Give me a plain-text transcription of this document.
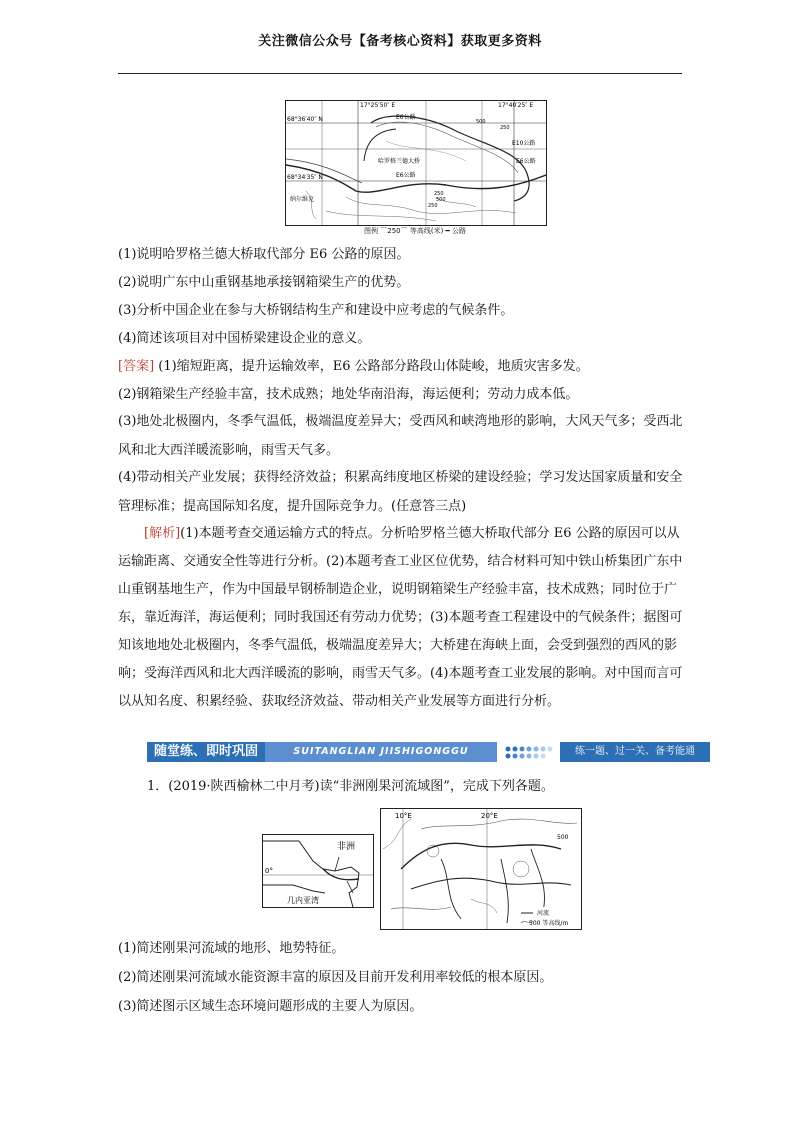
关注微信公众号【备考核心资料】获取更多资料
17°25′50″ E	17°40′25″ E
68°36′40″ N
68°34′35″ N
E6公路
E10公路
E6公路
哈罗格兰德大桥
E6公路
纳尔维克
500
250
250
500
250
图例 ⌒250⌒ 等高线(米) ━ 公路
(1)说明哈罗格兰德大桥取代部分 E6 公路的原因。
(2)说明广东中山重钢基地承接钢箱梁生产的优势。
(3)分析中国企业在参与大桥钢结构生产和建设中应考虑的气候条件。
(4)简述该项目对中国桥梁建设企业的意义。
[答案] (1)缩短距离，提升运输效率，E6 公路部分路段山体陡峻，地质灾害多发。
(2)钢箱梁生产经验丰富，技术成熟；地处华南沿海，海运便利；劳动力成本低。
(3)地处北极圈内，冬季气温低，极端温度差异大；受西风和峡湾地形的影响，大风天气多；受西北风和北大西洋暖流影响，雨雪天气多。
(4)带动相关产业发展；获得经济效益；积累高纬度地区桥梁的建设经验；学习发达国家质量和安全管理标准；提高国际知名度，提升国际竞争力。(任意答三点)
[解析](1)本题考查交通运输方式的特点。分析哈罗格兰德大桥取代部分 E6 公路的原因可以从运输距离、交通安全性等进行分析。(2)本题考查工业区位优势，结合材料可知中铁山桥集团广东中山重钢基地生产，作为中国最早钢桥制造企业，说明钢箱梁生产经验丰富，技术成熟；同时位于广东，靠近海洋，海运便利；同时我国还有劳动力优势；(3)本题考查工程建设中的气候条件；据图可知该地地处北极圈内，冬季气温低，极端温度差异大；大桥建在海峡上面，会受到强烈的西风的影响；受海洋西风和北大西洋暖流的影响，雨雪天气多。(4)本题考查工业发展的影响。对中国而言可以从知名度、积累经验、获取经济效益、带动相关产业发展等方面进行分析。
随堂练、即时巩固	SUITANGLIAN JIISHIGONGGU	练一题、过一关、备考能通
1．(2019·陕西榆林二中月考)读“非洲刚果河流域图”，完成下列各题。
非洲
0°
几内亚湾
10°E	20°E
500
河流
500 等高线/m
(1)简述刚果河流域的地形、地势特征。
(2)简述刚果河流域水能资源丰富的原因及目前开发利用率较低的根本原因。
(3)简述图示区域生态环境问题形成的主要人为原因。
